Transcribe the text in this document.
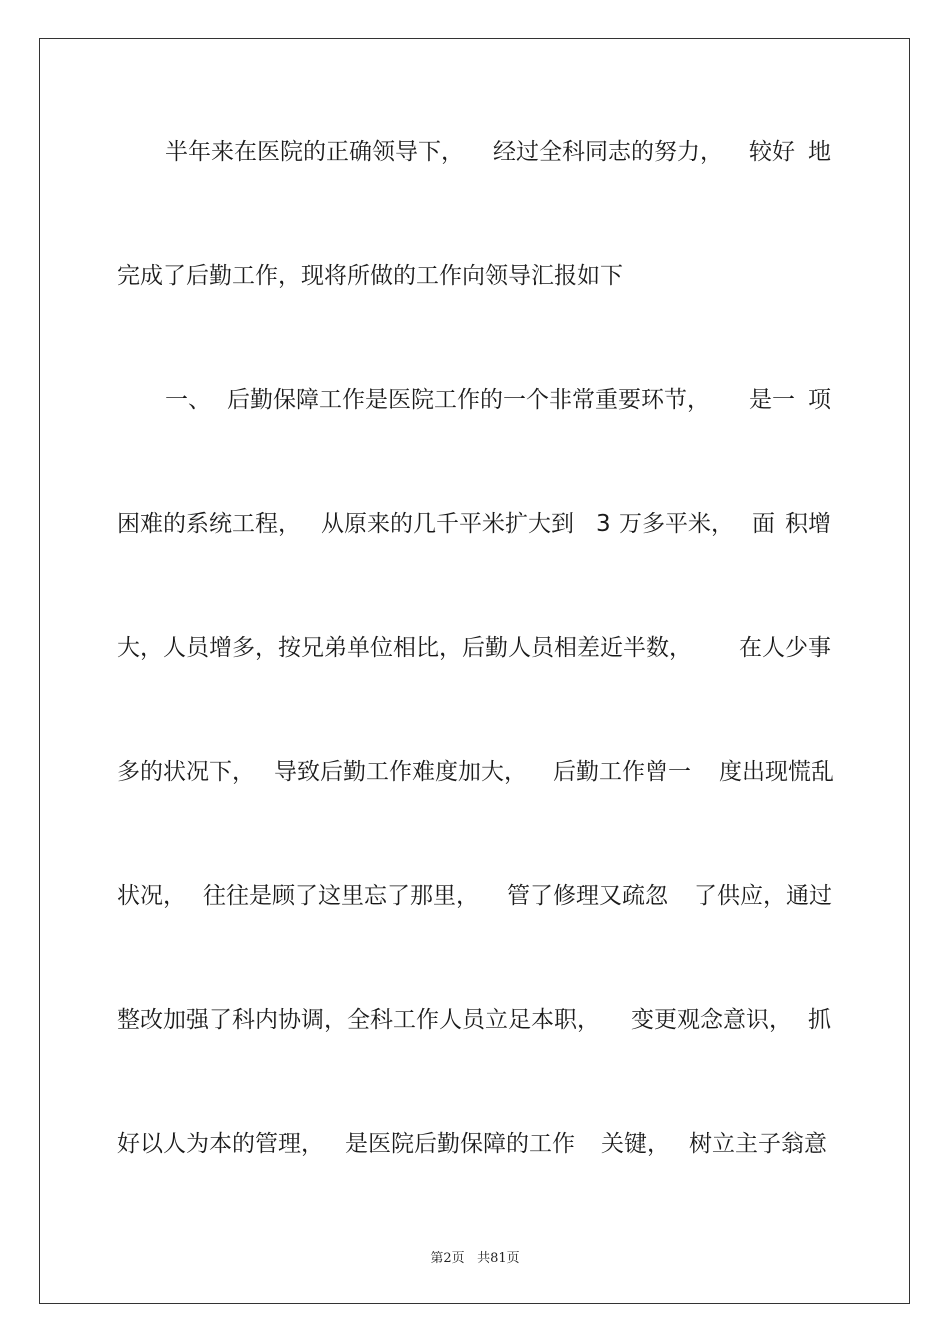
半年来在医院的正确领导下，

经过全科同志的努力，

较好

地

完成了后勤工作，现将所做的工作向领导汇报如下

一、

后勤保障工作是医院工作的一个非常重要环节，

是一

项

困难的系统工程，

从原来的几千平米扩大到

3

万多平米，

面

积增

大，人员增多，按兄弟单位相比，后勤人员相差近半数，

在人少事

多的状况下，

导致后勤工作难度加大，

后勤工作曾一

度出现慌乱

状况，

往往是顾了这里忘了那里，

管了修理又疏忽

了供应，通过

整改加强了科内协调，全科工作人员立足本职，

变更观念意识，

抓

好以人为本的管理，

是医院后勤保障的工作

关键，

树立主子翁意

第2页 共81页
